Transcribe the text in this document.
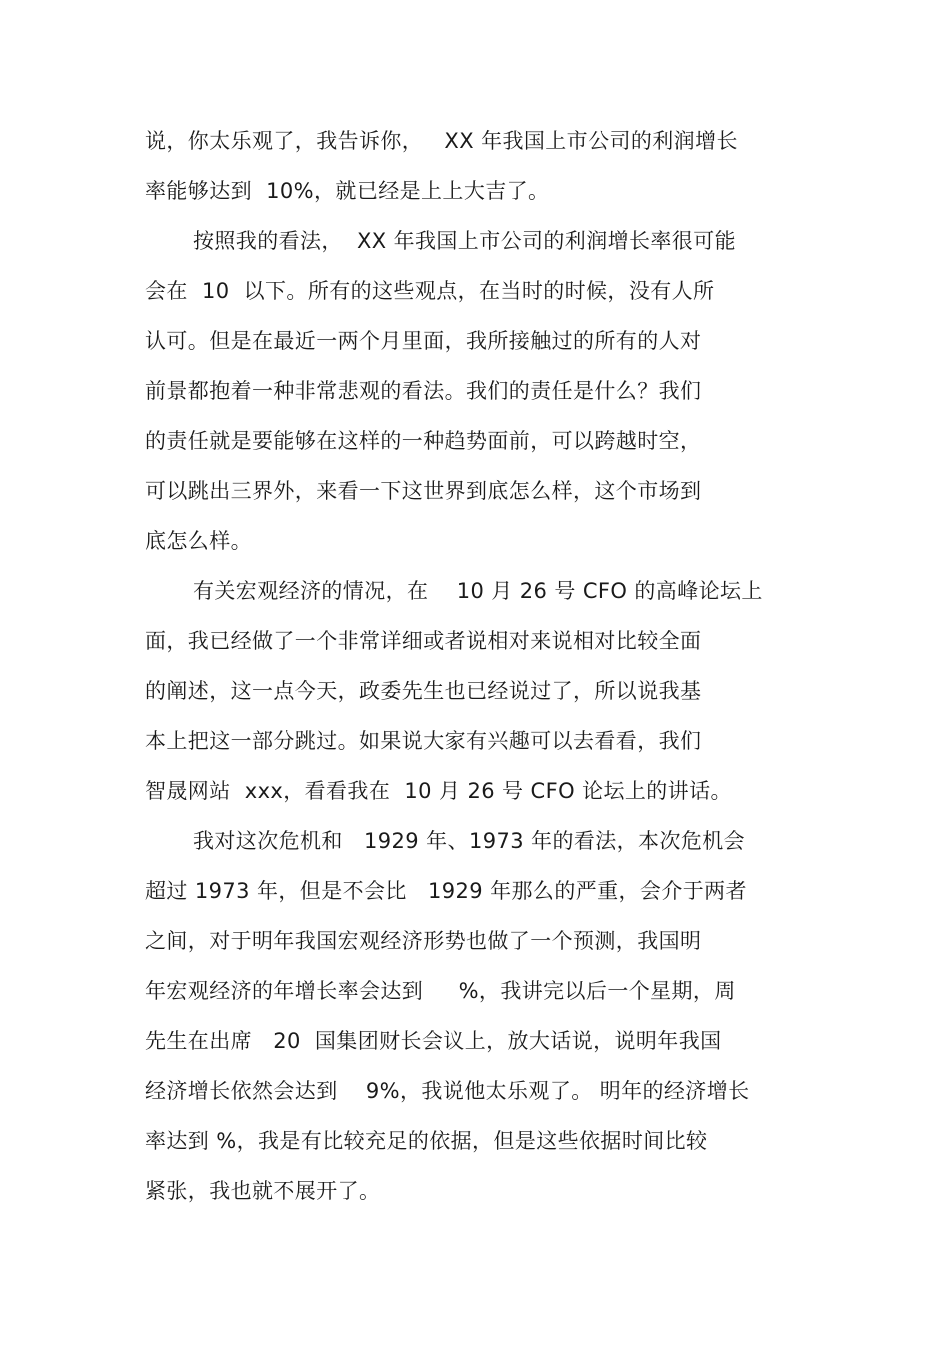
说，你太乐观了，我告诉你，   XX 年我国上市公司的利润增长
率能够达到  10%，就已经是上上大吉了。
按照我的看法，  XX 年我国上市公司的利润增长率很可能
会在  10  以下。所有的这些观点，在当时的时候，没有人所
认可。但是在最近一两个月里面，我所接触过的所有的人对
前景都抱着一种非常悲观的看法。我们的责任是什么？我们
的责任就是要能够在这样的一种趋势面前，可以跨越时空，
可以跳出三界外，来看一下这世界到底怎么样，这个市场到
底怎么样。
有关宏观经济的情况，在    10 月 26 号 CFO 的高峰论坛上
面，我已经做了一个非常详细或者说相对来说相对比较全面
的阐述，这一点今天，政委先生也已经说过了，所以说我基
本上把这一部分跳过。如果说大家有兴趣可以去看看，我们
智晟网站  xxx，看看我在  10 月 26 号 CFO 论坛上的讲话。
我对这次危机和   1929 年、1973 年的看法，本次危机会
超过 1973 年，但是不会比   1929 年那么的严重，会介于两者
之间，对于明年我国宏观经济形势也做了一个预测，我国明
年宏观经济的年增长率会达到     %，我讲完以后一个星期，周
先生在出席   20  国集团财长会议上，放大话说，说明年我国
经济增长依然会达到    9%，我说他太乐观了。 明年的经济增长
率达到 %，我是有比较充足的依据，但是这些依据时间比较
紧张，我也就不展开了。
